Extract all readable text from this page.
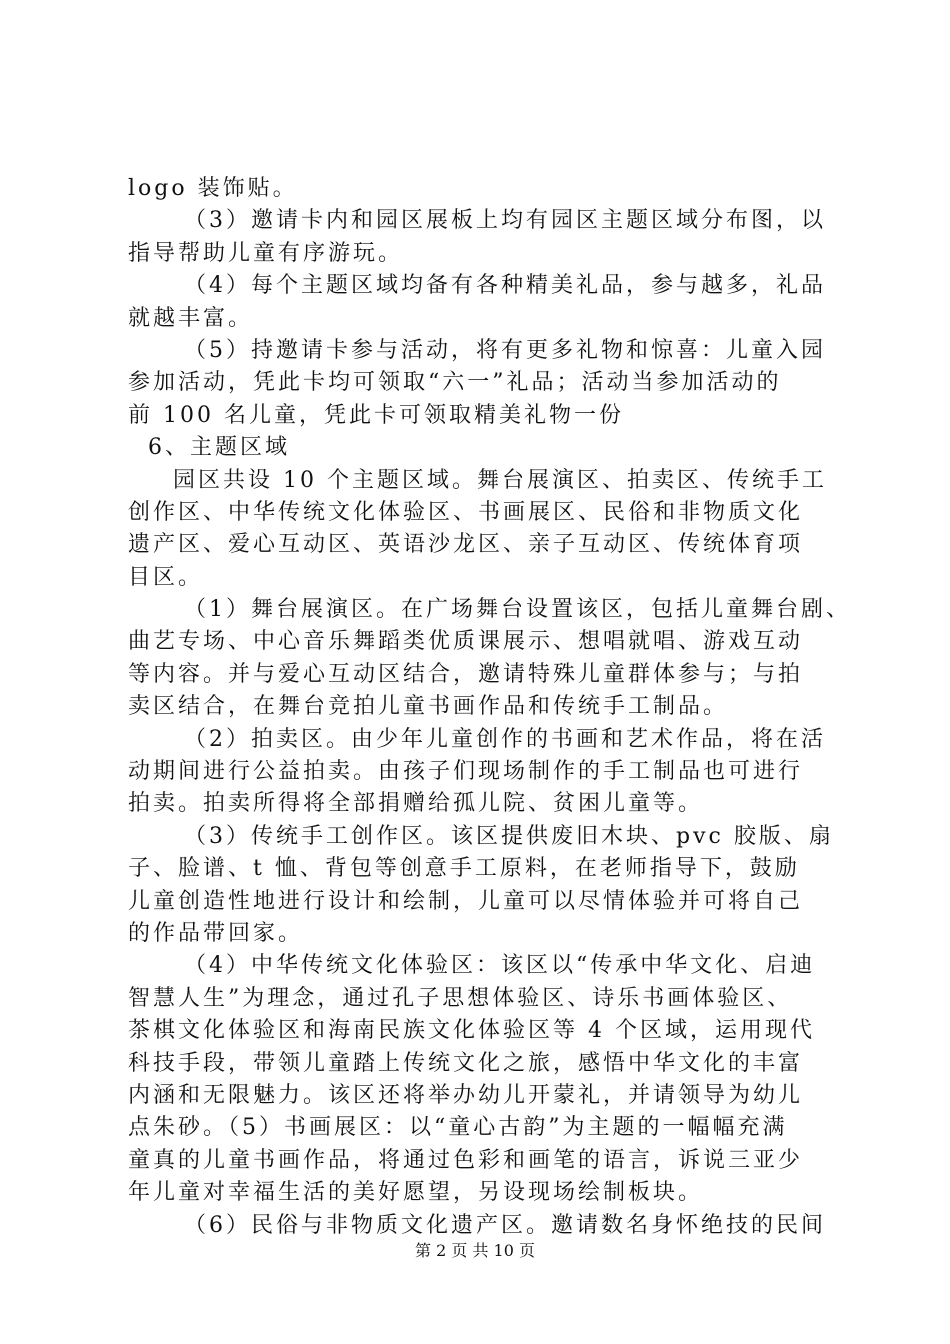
logo 装饰贴。
（3）邀请卡内和园区展板上均有园区主题区域分布图，以
指导帮助儿童有序游玩。
（4）每个主题区域均备有各种精美礼品，参与越多，礼品
就越丰富。
（5）持邀请卡参与活动，将有更多礼物和惊喜：儿童入园
参加活动，凭此卡均可领取“六一”礼品；活动当参加活动的
前 100 名儿童，凭此卡可领取精美礼物一份
6、主题区域
园区共设 10 个主题区域。舞台展演区、拍卖区、传统手工
创作区、中华传统文化体验区、书画展区、民俗和非物质文化
遗产区、爱心互动区、英语沙龙区、亲子互动区、传统体育项
目区。
（1）舞台展演区。在广场舞台设置该区，包括儿童舞台剧、
曲艺专场、中心音乐舞蹈类优质课展示、想唱就唱、游戏互动
等内容。并与爱心互动区结合，邀请特殊儿童群体参与；与拍
卖区结合，在舞台竞拍儿童书画作品和传统手工制品。
（2）拍卖区。由少年儿童创作的书画和艺术作品，将在活
动期间进行公益拍卖。由孩子们现场制作的手工制品也可进行
拍卖。拍卖所得将全部捐赠给孤儿院、贫困儿童等。
（3）传统手工创作区。该区提供废旧木块、pvc 胶版、扇
子、脸谱、t 恤、背包等创意手工原料，在老师指导下，鼓励
儿童创造性地进行设计和绘制，儿童可以尽情体验并可将自己
的作品带回家。
（4）中华传统文化体验区：该区以“传承中华文化、启迪
智慧人生”为理念，通过孔子思想体验区、诗乐书画体验区、
茶棋文化体验区和海南民族文化体验区等 4 个区域，运用现代
科技手段，带领儿童踏上传统文化之旅，感悟中华文化的丰富
内涵和无限魅力。该区还将举办幼儿开蒙礼，并请领导为幼儿
点朱砂。（5）书画展区：以“童心古韵”为主题的一幅幅充满
童真的儿童书画作品，将通过色彩和画笔的语言，诉说三亚少
年儿童对幸福生活的美好愿望，另设现场绘制板块。
（6）民俗与非物质文化遗产区。邀请数名身怀绝技的民间
第 2 页 共 10 页
